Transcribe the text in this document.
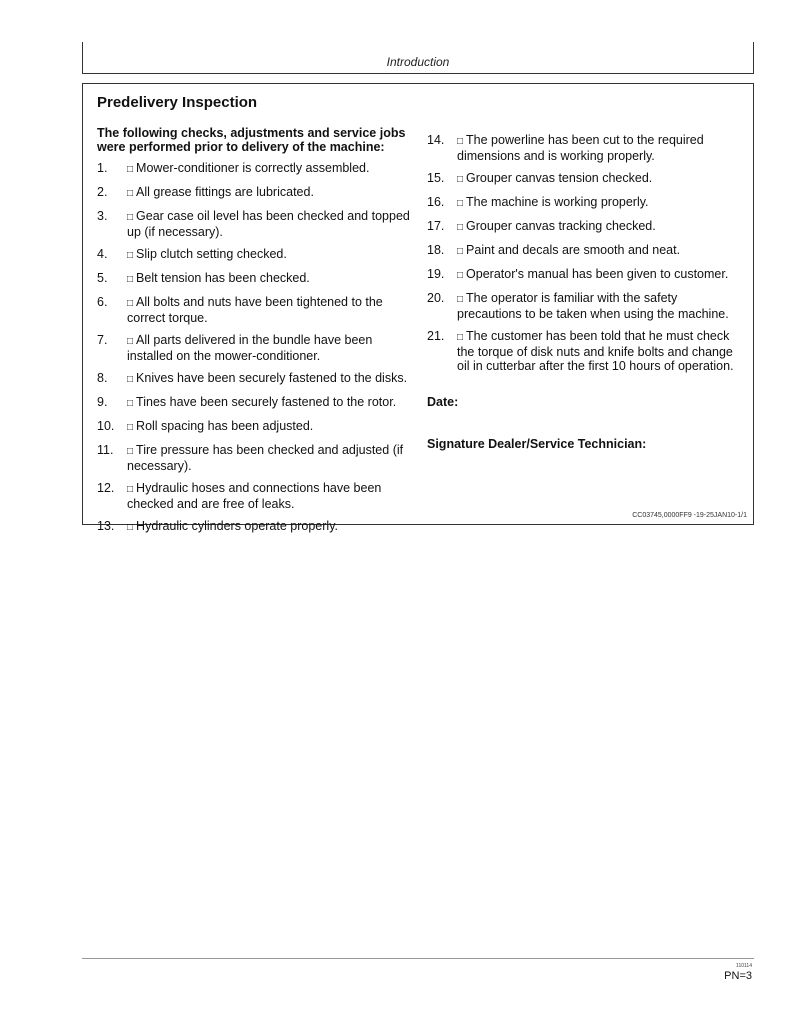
Introduction
Predelivery Inspection
The following checks, adjustments and service jobs were performed prior to delivery of the machine:
1.	□ Mower-conditioner is correctly assembled.
2.	□ All grease fittings are lubricated.
3.	□ Gear case oil level has been checked and topped up (if necessary).
4.	□ Slip clutch setting checked.
5.	□ Belt tension has been checked.
6.	□ All bolts and nuts have been tightened to the correct torque.
7.	□ All parts delivered in the bundle have been installed on the mower-conditioner.
8.	□ Knives have been securely fastened to the disks.
9.	□ Tines have been securely fastened to the rotor.
10.	□ Roll spacing has been adjusted.
11.	□ Tire pressure has been checked and adjusted (if necessary).
12.	□ Hydraulic hoses and connections have been checked and are free of leaks.
13.	□ Hydraulic cylinders operate properly.
14.	□ The powerline has been cut to the required dimensions and is working properly.
15.	□ Grouper canvas tension checked.
16.	□ The machine is working properly.
17.	□ Grouper canvas tracking checked.
18.	□ Paint and decals are smooth and neat.
19.	□ Operator's manual has been given to customer.
20.	□ The operator is familiar with the safety precautions to be taken when using the machine.
21.	□ The customer has been told that he must check the torque of disk nuts and knife bolts and change oil in cutterbar after the first 10 hours of operation.
Date:
Signature Dealer/Service Technician:
CC03745,0000FF9 -19-25JAN10-1/1
110114
PN=3
